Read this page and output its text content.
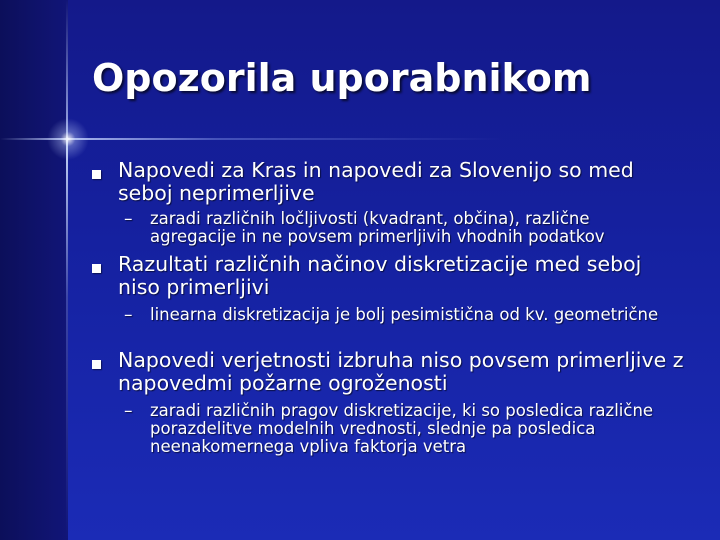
Opozorila uporabnikom
Napovedi za Kras in napovedi za Slovenijo so med seboj neprimerljive
– zaradi različnih ločljivosti (kvadrant, občina), različne agregacije in ne povsem primerljivih vhodnih podatkov
Razultati različnih načinov diskretizacije med seboj niso primerljivi
– linearna diskretizacija je bolj pesimistična od kv. geometrične
Napovedi verjetnosti izbruha niso povsem primerljive z napovedmi požarne ogroženosti
– zaradi različnih pragov diskretizacije, ki so posledica različne porazdelitve modelnih vrednosti, slednje pa posledica neenakomernega vpliva faktorja vetra
